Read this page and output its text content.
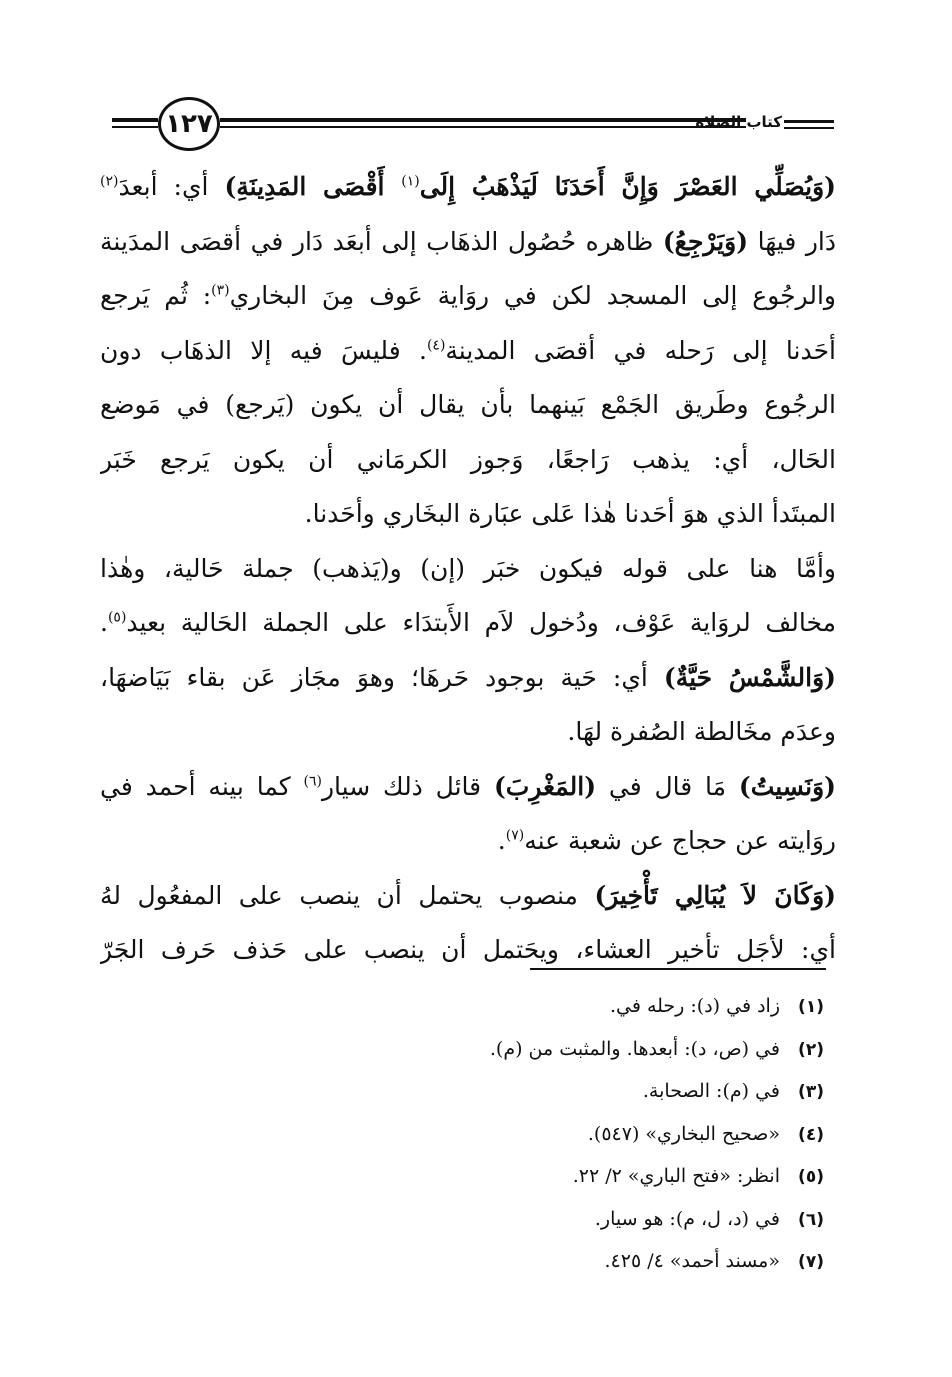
١٢٧	كتاب الصلاة
(وَيُصَلِّي العَصْرَ وَإِنَّ أَحَدَنَا لَيَذْهَبُ إِلَى$^{(١)}$ أَقْصَى المَدِينَةِ) أي: أبعدَ$^{(٢)}$
دَار فيهَا (وَيَرْجِعُ) ظاهره حُصُول الذهَاب إلى أبعَد دَار في أقصَى المدَينة
والرجُوع إلى المسجد لكن في روَاية عَوف مِنَ البخاري$^{(٣)}$: ثُم يَرجع
أحَدنا إلى رَحله في أقصَى المدينة$^{(٤)}$. فليسَ فيه إلا الذهَاب دون
الرجُوع وطَريق الجَمْع بَينهما بأن يقال أن يكون (يَرجع) في مَوضع
الحَال، أي: يذهب رَاجعًا، وَجوز الكرمَاني أن يكون يَرجع خَبَر
المبتَدأ الذي هوَ أحَدنا هٰذا عَلى عبَارة البخَاري وأحَدنا.
وأمَّا هنا على قوله فيكون خبَر (إن) و(يَذهب) جملة حَالية، وهٰذا
مخالف لروَاية عَوْف، ودُخول لاَم الأَبتدَاء على الجملة الحَالية بعيد$^{(٥)}$.
(وَالشَّمْسُ حَيَّةٌ) أي: حَية بوجود حَرهَا؛ وهوَ مجَاز عَن بقاء بَيَاضهَا،
وعدَم مخَالطة الصُفرة لهَا.
(وَنَسِيتُ) مَا قال في (المَغْرِبَ) قائل ذلك سيار$^{(٦)}$ كما بينه أحمد في
روَايته عن حجاج عن شعبة عنه$^{(٧)}$.
(وَكَانَ لاَ يُبَالِي تَأْخِيرَ) منصوب يحتمل أن ينصب على المفعُول لهُ
أي: لأجَل تأخير العشاء، ويحَتمل أن ينصب على حَذف حَرف الجَرّ
(١)زاد في (د): رحله في.
(٢)في (ص، د): أبعدها. والمثبت من (م).
(٣)في (م): الصحابة.
(٤)«صحيح البخاري» (٥٤٧).
(٥)انظر: «فتح الباري» ٢/ ٢٢.
(٦)في (د، ل، م): هو سيار.
(٧)«مسند أحمد» ٤/ ٤٢٥.
